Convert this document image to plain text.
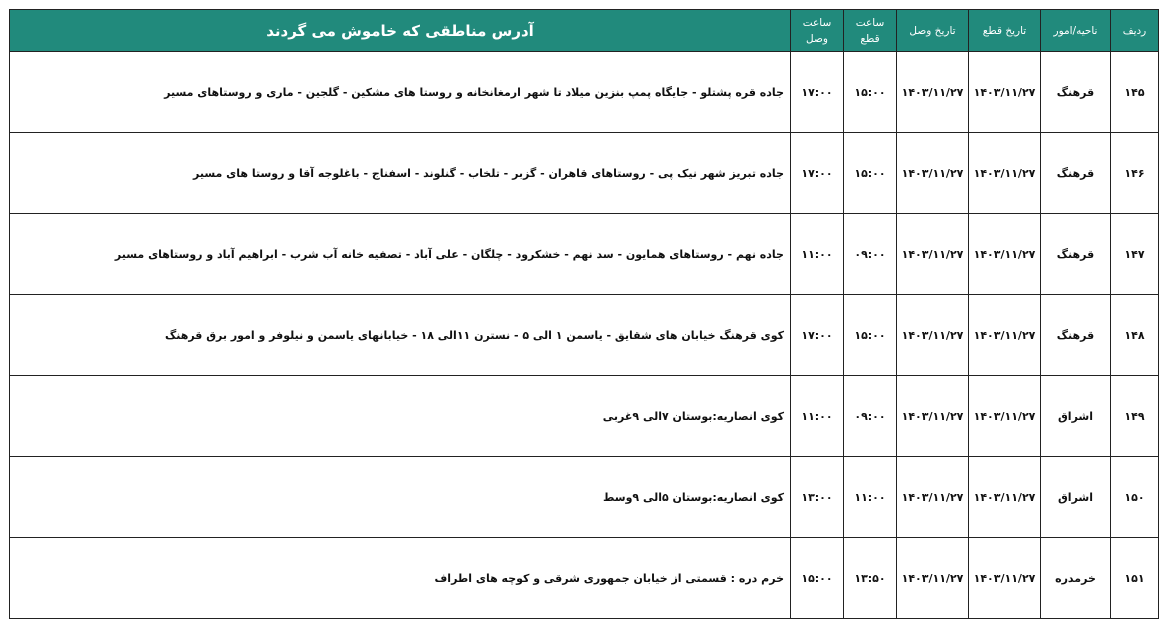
ردیف	ناحیه/امور	تاریخ قطع	تاریخ وصل	ساعت قطع	ساعت وصل	آدرس مناطقی که خاموش می گردند
۱۴۵	قرهنگ	۱۴۰۳/۱۱/۲۷	۱۴۰۳/۱۱/۲۷	۱۵:۰۰	۱۷:۰۰	جاده قره پشتلو - جایگاه پمپ بنزین میلاد تا شهر ارمغانخانه و روستا های مشکین - گلجین - ماری و روستاهای مسیر
۱۴۶	قرهنگ	۱۴۰۳/۱۱/۲۷	۱۴۰۳/۱۱/۲۷	۱۵:۰۰	۱۷:۰۰	جاده تبریز شهر نیک پی - روستاهای قاهران - گزبر - تلخاب - گنلوند - اسفناج - باغلوجه آقا و روستا های مسیر
۱۴۷	قرهنگ	۱۴۰۳/۱۱/۲۷	۱۴۰۳/۱۱/۲۷	۰۹:۰۰	۱۱:۰۰	جاده نهم - روستاهای همایون - سد نهم - خشکرود - چلگان - علی آباد - تصفیه خانه آب شرب - ابراهیم آباد و روستاهای مسیر
۱۴۸	قرهنگ	۱۴۰۳/۱۱/۲۷	۱۴۰۳/۱۱/۲۷	۱۵:۰۰	۱۷:۰۰	کوی قرهنگ خیابان های شقایق - یاسمن ۱ الی ۵ - نسترن ۱۱الی ۱۸ - خیابانهای یاسمن و نیلوفر و امور برق قرهنگ
۱۴۹	اشراق	۱۴۰۳/۱۱/۲۷	۱۴۰۳/۱۱/۲۷	۰۹:۰۰	۱۱:۰۰	کوی انصاریه:بوستان ۷الی ۹غربی
۱۵۰	اشراق	۱۴۰۳/۱۱/۲۷	۱۴۰۳/۱۱/۲۷	۱۱:۰۰	۱۳:۰۰	کوی انصاریه:بوستان ۵الی ۹وسط
۱۵۱	خرمدره	۱۴۰۳/۱۱/۲۷	۱۴۰۳/۱۱/۲۷	۱۳:۵۰	۱۵:۰۰	خرم دره : قسمتی از خیابان جمهوری شرقی و کوچه های اطراف
